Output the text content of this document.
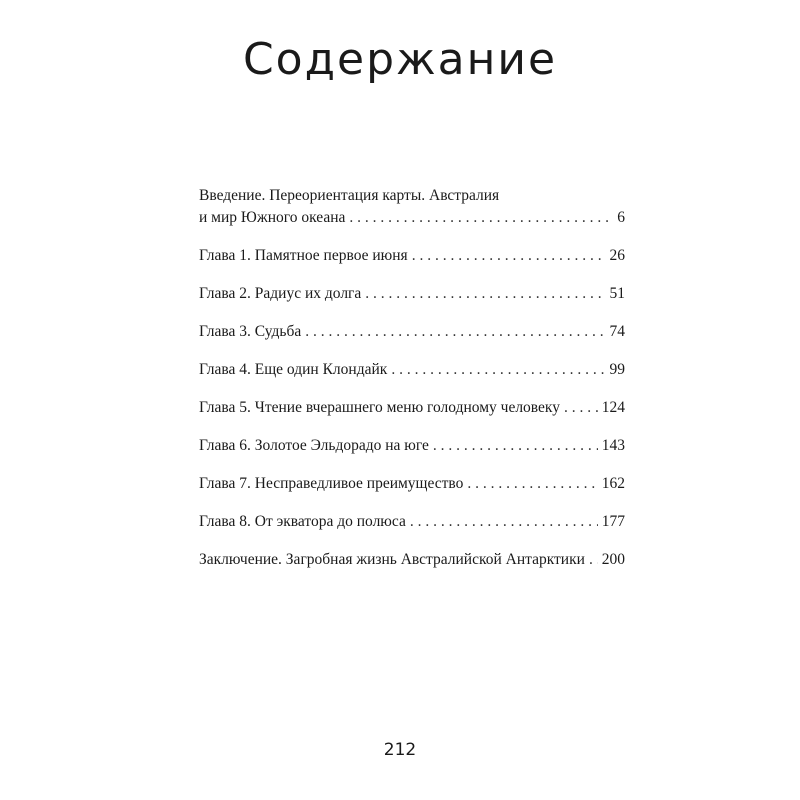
Содержание
Введение. Переориентация карты. Австралия
и мир Южного океана . . .	6
Глава 1. Памятное первое июня . . .	26
Глава 2. Радиус их долга . . .	51
Глава 3. Судьба . . .	74
Глава 4. Еще один Клондайк . . .	99
Глава 5. Чтение вчерашнего меню голодному человеку . . .	124
Глава 6. Золотое Эльдорадо на юге . . .	143
Глава 7. Несправедливое преимущество . . .	162
Глава 8. От экватора до полюса . . .	177
Заключение. Загробная жизнь Австралийской Антарктики . . . 200
212
